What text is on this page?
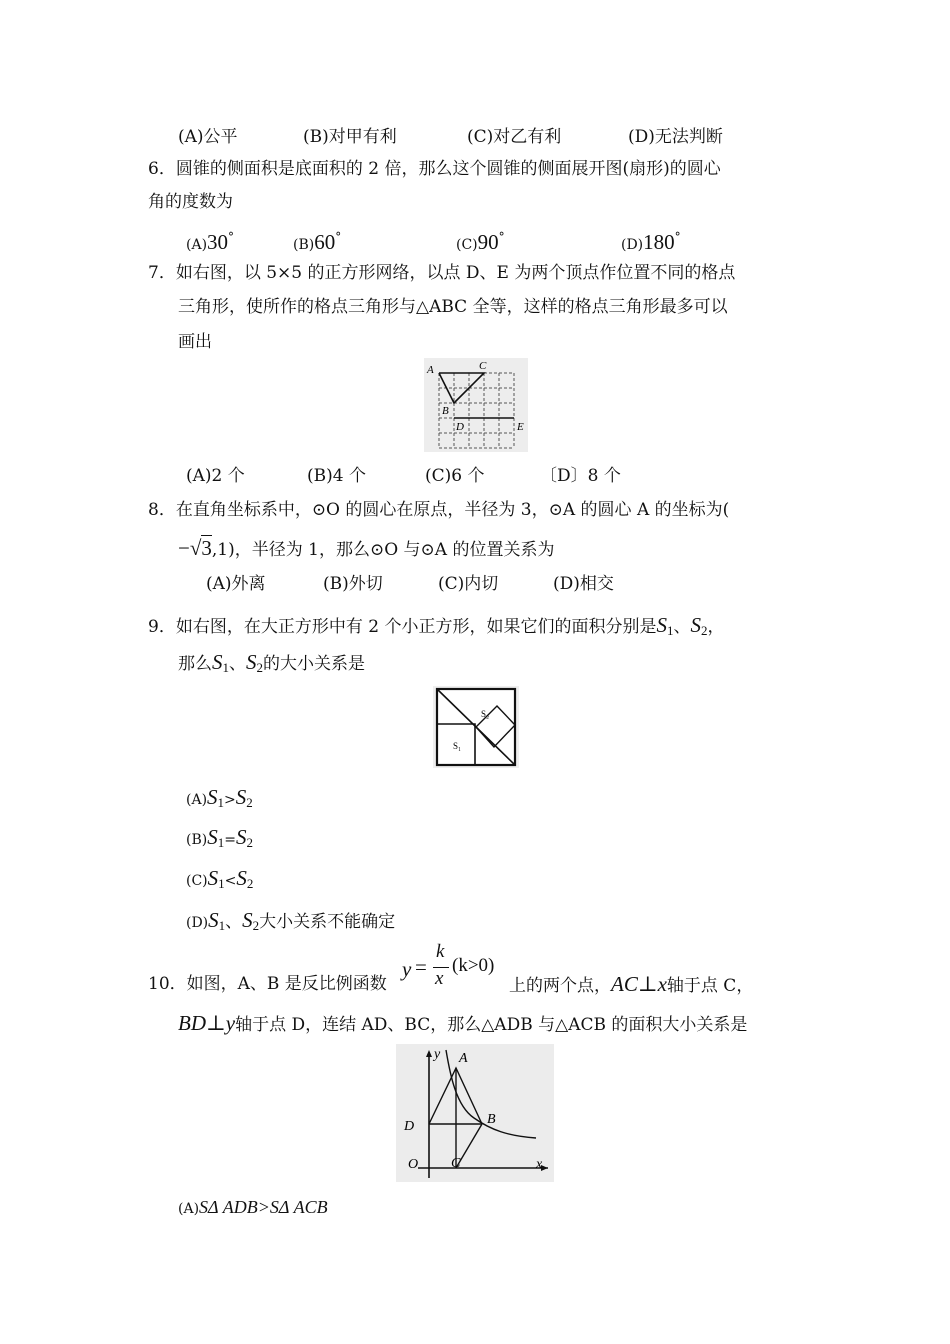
(A)公平	(B)对甲有利	(C)对乙有利	(D)无法判断
6．圆锥的侧面积是底面积的 2 倍，那么这个圆锥的侧面展开图(扇形)的圆心
角的度数为
(A)30°	(B)60°	(C)90°	(D)180°
7．如右图，以 5×5 的正方形网络，以点 D、E 为两个顶点作位置不同的格点
三角形，使所作的格点三角形与△ABC 全等，这样的格点三角形最多可以
画出
A	C
B
D	E
(A)2 个	(B)4 个	(C)6 个	〔D〕8 个
8．在直角坐标系中，⊙O 的圆心在原点，半径为 3，⊙A 的圆心 A 的坐标为(
−√3,1)，半径为 1，那么⊙O 与⊙A 的位置关系为
(A)外离	(B)外切	(C)内切	(D)相交
9．如右图，在大正方形中有 2 个小正方形，如果它们的面积分别是$S_1$、$S_2$，
那么$S_1$、$S_2$的大小关系是
S₁
S₂
$(A)S_1>S_2$
$(B)S_1=S_2$
$(C)S_1<S_2$
$(D)S_1$、$S_2$大小关系不能确定
10．如图，A、B 是反比例函数
y =
k
x
(k>0)
上的两个点，AC⊥x轴于点 C，
BD⊥y轴于点 D，连结 AD、BC，那么△ADB 与△ACB 的面积大小关系是
y A
B
D
O C	x
(A)SΔ ADB>SΔ ACB
